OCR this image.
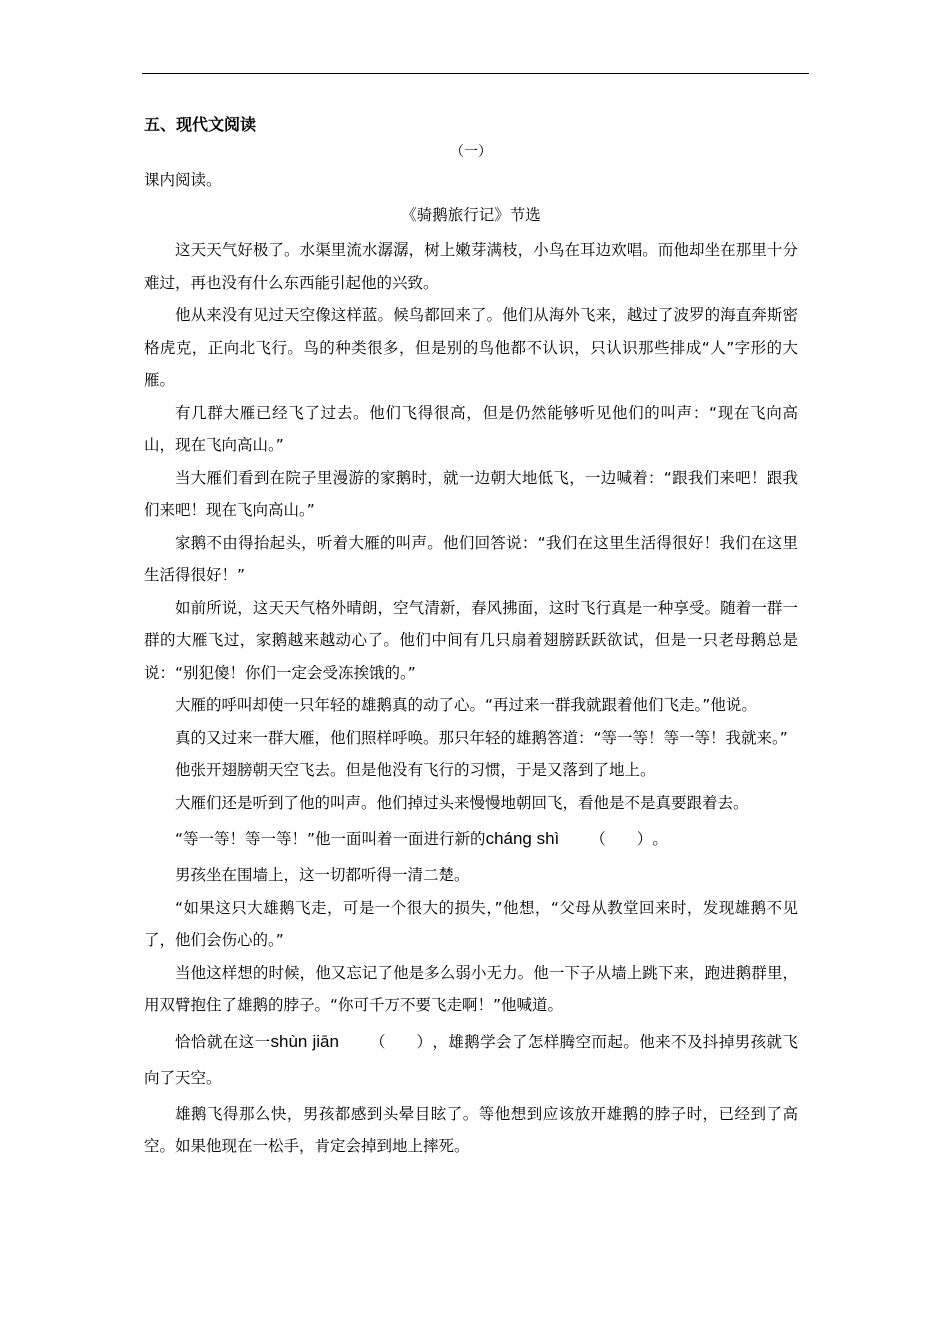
五、现代文阅读
（一）
课内阅读。
《骑鹅旅行记》节选

这天天气好极了。水渠里流水潺潺，树上嫩芽满枝，小鸟在耳边欢唱。而他却坐在那里十分难过，再也没有什么东西能引起他的兴致。

他从来没有见过天空像这样蓝。候鸟都回来了。他们从海外飞来，越过了波罗的海直奔斯密格虎克，正向北飞行。鸟的种类很多，但是别的鸟他都不认识，只认识那些排成“人”字形的大雁。

有几群大雁已经飞了过去。他们飞得很高，但是仍然能够听见他们的叫声：“现在飞向高山，现在飞向高山。”

当大雁们看到在院子里漫游的家鹅时，就一边朝大地低飞，一边喊着：“跟我们来吧！跟我们来吧！现在飞向高山。”

家鹅不由得抬起头，听着大雁的叫声。他们回答说：“我们在这里生活得很好！我们在这里生活得很好！”

如前所说，这天天气格外晴朗，空气清新，春风拂面，这时飞行真是一种享受。随着一群一群的大雁飞过，家鹅越来越动心了。他们中间有几只扇着翅膀跃跃欲试，但是一只老母鹅总是说：“别犯傻！你们一定会受冻挨饿的。”

大雁的呼叫却使一只年轻的雄鹅真的动了心。“再过来一群我就跟着他们飞走。”他说。

真的又过来一群大雁，他们照样呼唤。那只年轻的雄鹅答道：“等一等！等一等！我就来。”

他张开翅膀朝天空飞去。但是他没有飞行的习惯，于是又落到了地上。

大雁们还是听到了他的叫声。他们掉过头来慢慢地朝回飞，看他是不是真要跟着去。

“等一等！等一等！”他一面叫着一面进行新的cháng shì （　　）。

男孩坐在围墙上，这一切都听得一清二楚。

“如果这只大雄鹅飞走，可是一个很大的损失，”他想，“父母从教堂回来时，发现雄鹅不见了，他们会伤心的。”

当他这样想的时候，他又忘记了他是多么弱小无力。他一下子从墙上跳下来，跑进鹅群里，用双臂抱住了雄鹅的脖子。“你可千万不要飞走啊！”他喊道。

恰恰就在这一shùn jiān （　　），雄鹅学会了怎样腾空而起。他来不及抖掉男孩就飞向了天空。

雄鹅飞得那么快，男孩都感到头晕目眩了。等他想到应该放开雄鹅的脖子时，已经到了高空。如果他现在一松手，肯定会掉到地上摔死。
